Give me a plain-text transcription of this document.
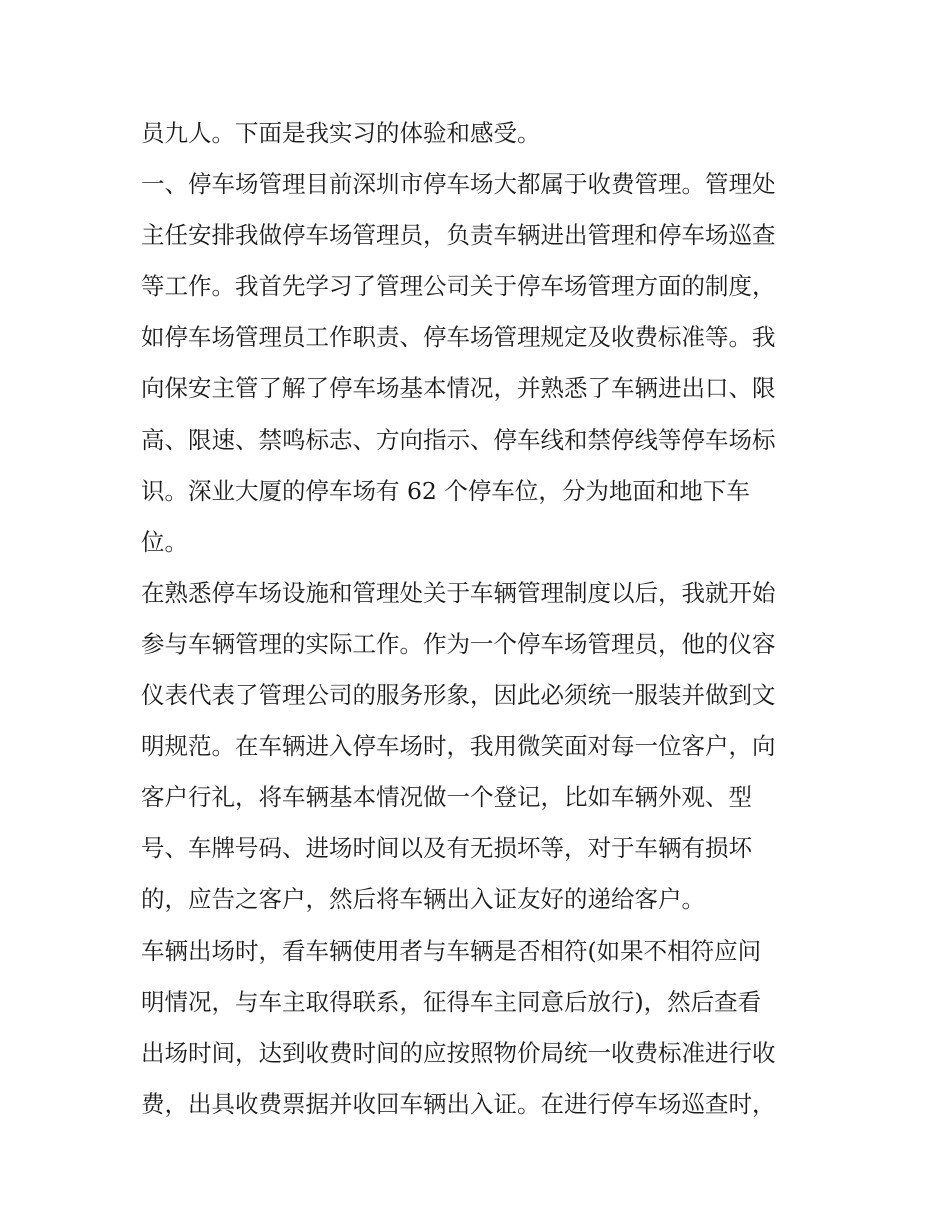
员九人。下面是我实习的体验和感受。
一、停车场管理目前深圳市停车场大都属于收费管理。管理处
主任安排我做停车场管理员，负责车辆进出管理和停车场巡查
等工作。我首先学习了管理公司关于停车场管理方面的制度，
如停车场管理员工作职责、停车场管理规定及收费标准等。我
向保安主管了解了停车场基本情况，并熟悉了车辆进出口、限
高、限速、禁鸣标志、方向指示、停车线和禁停线等停车场标
识。深业大厦的停车场有 62 个停车位，分为地面和地下车
位。
在熟悉停车场设施和管理处关于车辆管理制度以后，我就开始
参与车辆管理的实际工作。作为一个停车场管理员，他的仪容
仪表代表了管理公司的服务形象，因此必须统一服装并做到文
明规范。在车辆进入停车场时，我用微笑面对每一位客户，向
客户行礼，将车辆基本情况做一个登记，比如车辆外观、型
号、车牌号码、进场时间以及有无损坏等，对于车辆有损坏
的，应告之客户，然后将车辆出入证友好的递给客户。
车辆出场时，看车辆使用者与车辆是否相符(如果不相符应问
明情况，与车主取得联系，征得车主同意后放行)，然后查看
出场时间，达到收费时间的应按照物价局统一收费标准进行收
费，出具收费票据并收回车辆出入证。在进行停车场巡查时，
